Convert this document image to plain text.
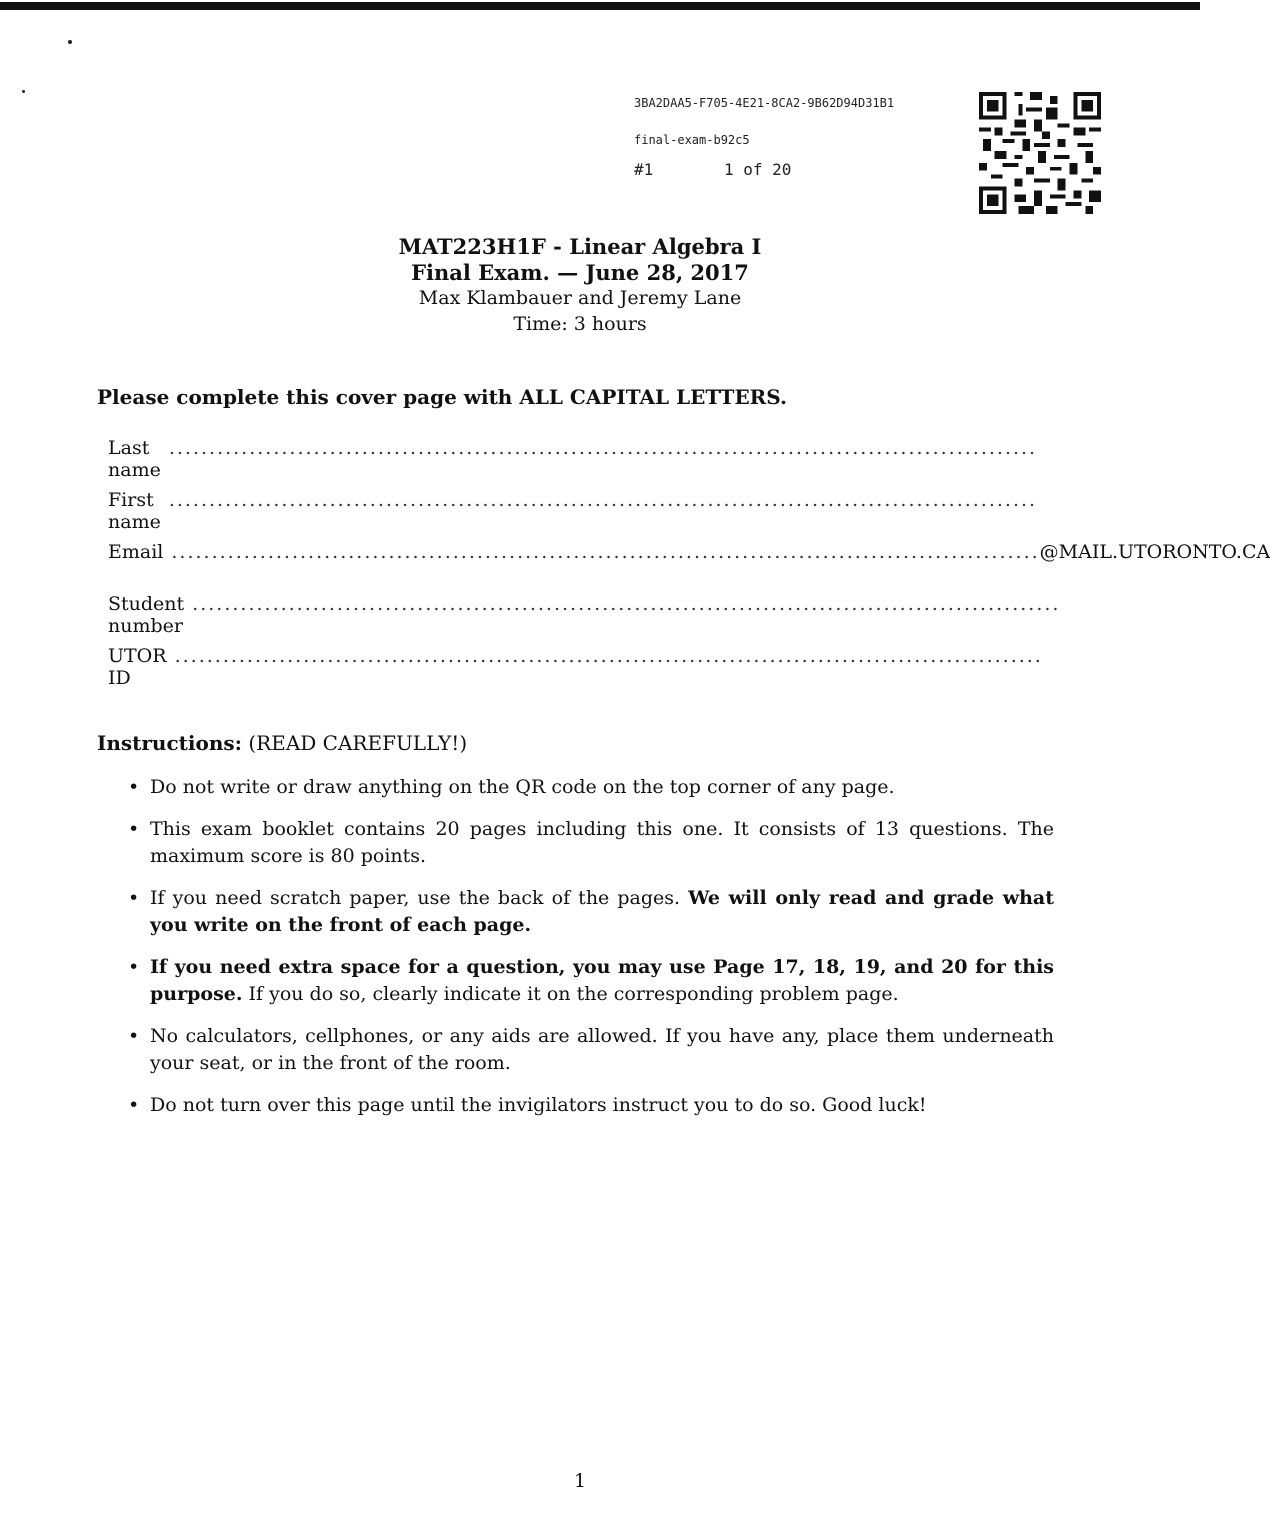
3BA2DAA5-F705-4E21-8CA2-9B62D94D31B1
final-exam-b92c5
#1	1 of 20
MAT223H1F - Linear Algebra I
Final Exam. — June 28, 2017
Max Klambauer and Jeremy Lane
Time: 3 hours
Please complete this cover page with ALL CAPITAL LETTERS.
Last name
............................................................................................................
First name
............................................................................................................
Email ............................................................................................................ @MAIL.UTORONTO.CA
Student number
............................................................................................................
UTOR ID
............................................................................................................
Instructions: (READ CAREFULLY!)
• Do not write or draw anything on the QR code on the top corner of any page.
• This exam booklet contains 20 pages including this one. It consists of 13 questions. The maximum score is 80 points.
• If you need scratch paper, use the back of the pages. We will only read and grade what you write on the front of each page.
• If you need extra space for a question, you may use Page 17, 18, 19, and 20 for this purpose. If you do so, clearly indicate it on the corresponding problem page.
• No calculators, cellphones, or any aids are allowed. If you have any, place them underneath your seat, or in the front of the room.
• Do not turn over this page until the invigilators instruct you to do so. Good luck!
1
